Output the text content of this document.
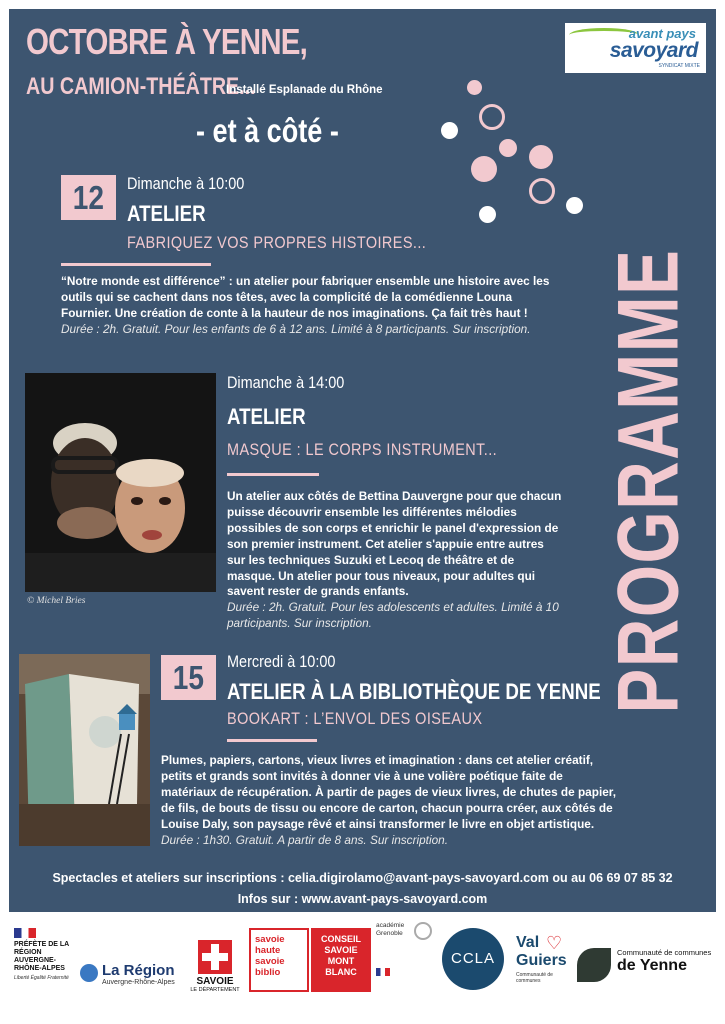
OCTOBRE À YENNE,
AU CAMION-THÉÂTRE...
Installé Esplanade du Rhône
- et à côté -
avant pays
savoyard
SYNDICAT MIXTE
PROGRAMME
12	Dimanche à 10:00
ATELIER
FABRIQUEZ VOS PROPRES HISTOIRES...
“Notre monde est différence” : un atelier pour fabriquer ensemble une histoire avec les outils qui se cachent dans nos têtes, avec la complicité de la comédienne Louna Fournier. Une création de conte à la hauteur de nos imaginations. Ça fait très haut !
Durée : 2h. Gratuit. Pour les enfants de 6 à 12 ans. Limité à 8 participants. Sur inscription.
© Michel Bries
Dimanche à 14:00
ATELIER
MASQUE : LE CORPS INSTRUMENT...
Un atelier aux côtés de Bettina Dauvergne pour que chacun puisse découvrir ensemble les différentes mélodies possibles de son corps et enrichir le panel d'expression de son premier instrument. Cet atelier s'appuie entre autres sur les techniques Suzuki et Lecoq de théâtre et de masque. Un atelier pour tous niveaux, pour adultes qui savent rester de grands enfants.
Durée : 2h. Gratuit. Pour les adolescents et adultes. Limité à 10 participants. Sur inscription.
15	Mercredi à 10:00
ATELIER À LA BIBLIOTHÈQUE DE YENNE
BOOKART : L’ENVOL DES OISEAUX
Plumes, papiers, cartons, vieux livres et imagination : dans cet atelier créatif, petits et grands sont invités à donner vie à une volière poétique faite de matériaux de récupération. À partir de pages de vieux livres, de chutes de papier, de fils, de bouts de tissu ou encore de carton, chacun pourra créer, aux côtés de Louise Daly, son paysage rêvé et ainsi transformer le livre en objet artistique.
Durée : 1h30. Gratuit. A partir de 8 ans. Sur inscription.
Spectacles et ateliers sur inscriptions : celia.digirolamo@avant-pays-savoyard.com ou au 06 69 07 85 32
Infos sur : www.avant-pays-savoyard.com
PRÉFÈTE DE LA RÉGION AUVERGNE-RHÔNE-ALPES
Liberté Égalité Fraternité	La Région
Auvergne-Rhône-Alpes	SAVOIE
LE DÉPARTEMENT
savoie haute savoie biblio
CONSEIL SAVOIE MONT BLANC
académie Grenoble
CCLA
♡
Val Guiers
Communauté de communes
Communauté de communes
de Yenne
